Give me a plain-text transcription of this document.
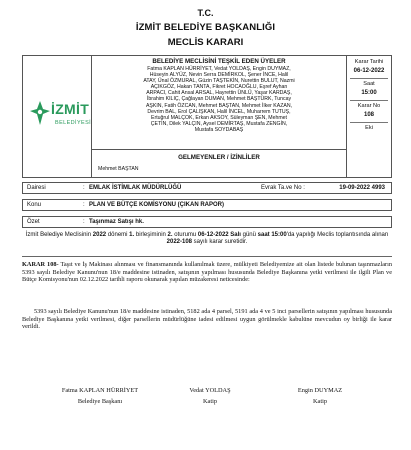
T.C.
İZMİT BELEDİYE BAŞKANLIĞI
MECLİS KARARI
İZMİT
BELEDİYESİ
BELEDİYE MECLİSİNİ TEŞKİL EDEN ÜYELER
Fatma KAPLAN HÜRRİYET, Vedat YOLDAŞ, Engin DUYMAZ,
Hüseyin ALYÜZ, Nevin Serra DEMİRKOL, Şener İNCE, Halil
ATAY, Ünal ÖZMURAL, Güzin TAŞTEKİN, Nurettin BULUT, Nazmi
AÇIKGÖZ, Hakan TANTA, Fikret HOCAOĞLU, Eşref Ayhan
ARPACI, Cahit Ansal ARSAL, Hayrettin ÜNLÜ, Yaşar KARDAŞ,
İbrahim KILIÇ, Çağlayan DUMAN, Mehmet BAŞTÜRK, Tuncay
AŞKIN, Fatih ÖZCAN, Mehmet BAŞTAN, Mehmet İlker KAZAN,
Devrim BAL, Erol ÇALIŞKAN, Halil İNCEL, Muharrem TUTUŞ,
Ertuğrul MALÇOK, Erkan AKSOY, Süleyman ŞEN, Mehmet
ÇETİN, Dilek YALÇIN, Aysel DEMİRTAŞ, Mustafa ZENGİN,
Mustafa SOYDABAŞ
GELMEYENLER / İZİNLİLER
Mehmet BAŞTAN
Karar Tarihi
06-12-2022
Saat
15:00
Karar No
108
Eki
Dairesi	: EMLAK İSTİMLAK MÜDÜRLÜĞÜ	Evrak Ta.ve No :	19-09-2022 4993
Konu	: PLAN VE BÜTÇE KOMİSYONU (ÇIKAN RAPOR)
Özet	: Taşınmaz Satışı hk.
İzmit Belediye Meclisinin 2022 dönemi 1. birleşiminin 2. oturumu 06-12-2022 Salı günü saat 15:00'da yapılığı Meclis toplantısında alınan 2022-108 sayılı karar suretidir.
KARAR 108- Taşıt ve İş Makinası alınması ve finansmanında kullanılmak üzere, mülkiyeti Belediyemize ait olan listede bulunan taşınmazların 5393 sayılı Belediye Kanunu'nun 18/e maddesine istinaden, satışının yapılması hususunda Belediye Başkanına yetki verilmesi ile ilgili Plan ve Bütçe Komisyonu'nun 02.12.2022 tarihli raporu okunarak yapılan müzakeresi neticesinde:
5393 sayılı Belediye Kanunu'nun 18/e maddesine istinaden, 5182 ada 4 parsel, 5191 ada 4 ve 5 inci parsellerin satışının yapılması hususunda Belediye Başkanına yetki verilmesi, diğer parsellerin müdürlüğüne iadesi edilmesi uygun görülmekle kabulüne mevcudun oy birliği ile karar verildi.
Fatma KAPLAN HÜRRİYET
Belediye Başkanı
Vedat YOLDAŞ
Katip
Engin DUYMAZ
Katip
